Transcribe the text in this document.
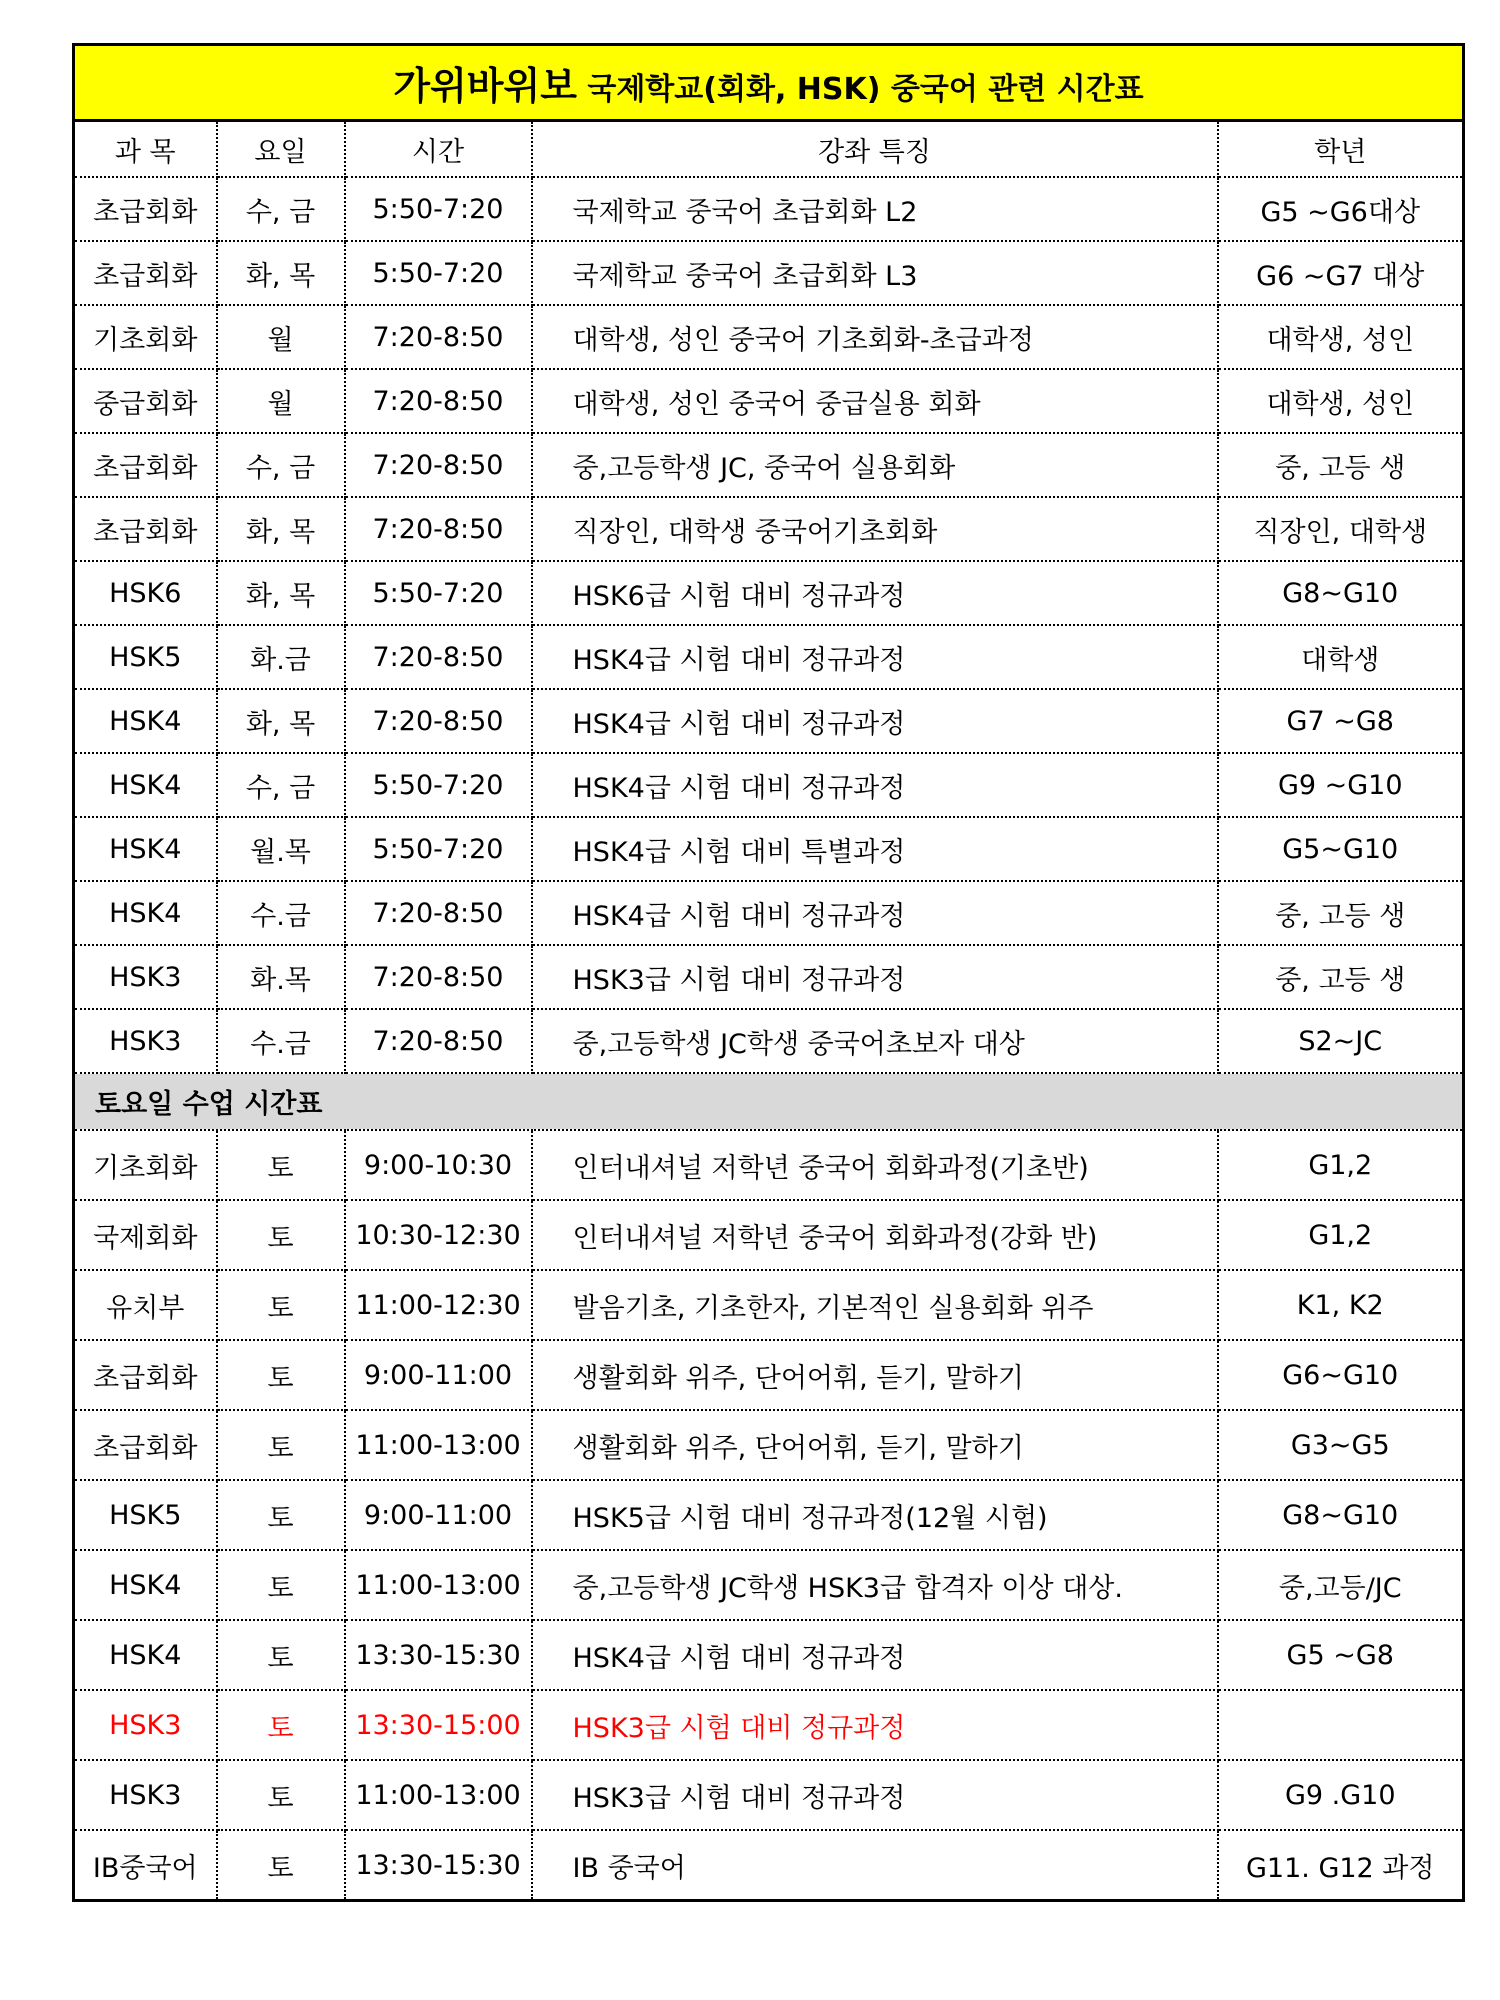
가위바위보 국제학교(회화, HSK) 중국어 관련 시간표				
과 목	요일	시간	강좌 특징	학년
초급회화	수, 금	5:50-7:20	국제학교 중국어 초급회화 L2	G5 ~G6대상
초급회화	화, 목	5:50-7:20	국제학교 중국어 초급회화 L3	G6 ~G7 대상
기초회화	월	7:20-8:50	대학생, 성인 중국어 기초회화-초급과정	대학생, 성인
중급회화	월	7:20-8:50	대학생, 성인 중국어 중급실용 회화	대학생, 성인
초급회화	수, 금	7:20-8:50	중,고등학생 JC, 중국어 실용회화	중, 고등 생
초급회화	화, 목	7:20-8:50	직장인, 대학생 중국어기초회화	직장인, 대학생
HSK6	화, 목	5:50-7:20	HSK6급 시험 대비 정규과정	G8~G10
HSK5	화.금	7:20-8:50	HSK4급 시험 대비 정규과정	대학생
HSK4	화, 목	7:20-8:50	HSK4급 시험 대비 정규과정	G7 ~G8
HSK4	수, 금	5:50-7:20	HSK4급 시험 대비 정규과정	G9 ~G10
HSK4	월.목	5:50-7:20	HSK4급 시험 대비 특별과정	G5~G10
HSK4	수.금	7:20-8:50	HSK4급 시험 대비 정규과정	중, 고등 생
HSK3	화.목	7:20-8:50	HSK3급 시험 대비 정규과정	중, 고등 생
HSK3	수.금	7:20-8:50	중,고등학생 JC학생 중국어초보자 대상	S2~JC
토요일 수업 시간표				
기초회화	토	9:00-10:30	인터내셔널 저학년 중국어 회화과정(기초반)	G1,2
국제회화	토	10:30-12:30	인터내셔널 저학년 중국어 회화과정(강화 반)	G1,2
유치부	토	11:00-12:30	발음기초, 기초한자, 기본적인 실용회화 위주	K1, K2
초급회화	토	9:00-11:00	생활회화 위주, 단어어휘, 듣기, 말하기	G6~G10
초급회화	토	11:00-13:00	생활회화 위주, 단어어휘, 듣기, 말하기	G3~G5
HSK5	토	9:00-11:00	HSK5급 시험 대비 정규과정(12월 시험)	G8~G10
HSK4	토	11:00-13:00	중,고등학생 JC학생 HSK3급 합격자 이상 대상.	중,고등/JC
HSK4	토	13:30-15:30	HSK4급 시험 대비 정규과정	G5 ~G8
HSK3	토	13:30-15:00	HSK3급 시험 대비 정규과정	
HSK3	토	11:00-13:00	HSK3급 시험 대비 정규과정	G9 .G10
IB중국어	토	13:30-15:30	IB 중국어	G11. G12 과정
